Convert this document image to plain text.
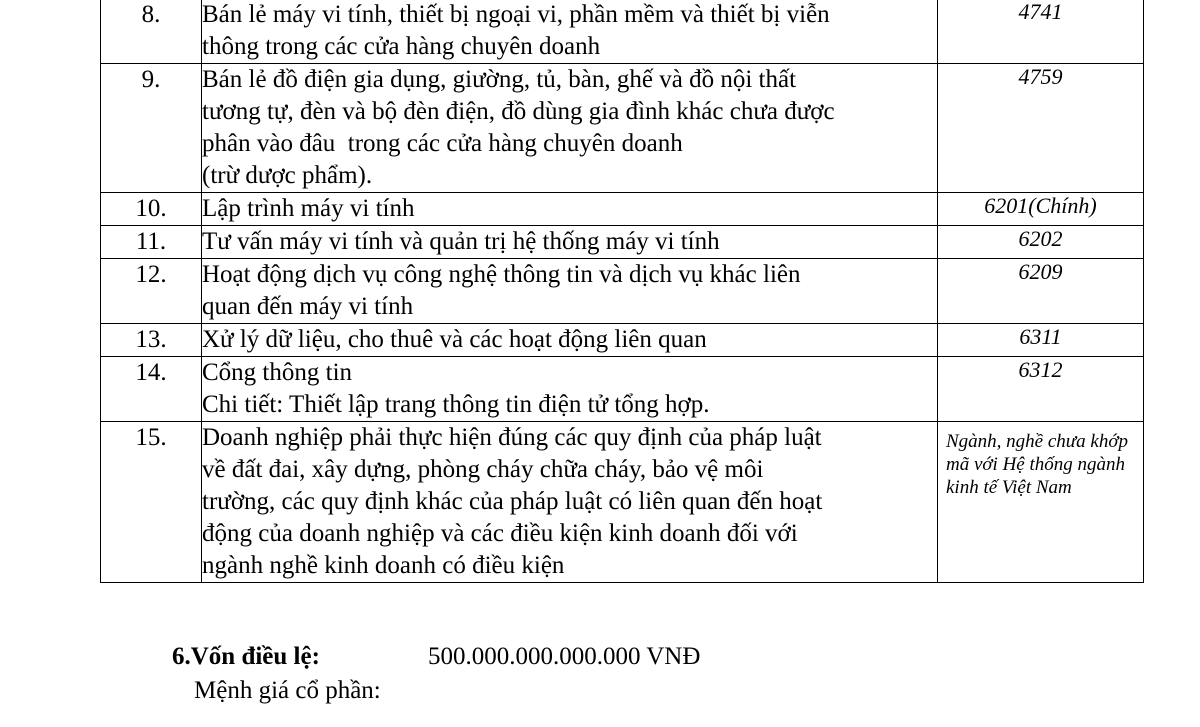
8.	Bán lẻ máy vi tính, thiết bị ngoại vi, phần mềm và thiết bị viễn
thông trong các cửa hàng chuyên doanh	4741
9.	Bán lẻ đồ điện gia dụng, giường, tủ, bàn, ghế và đồ nội thất
tương tự, đèn và bộ đèn điện, đồ dùng gia đình khác chưa được
phân vào đâu  trong các cửa hàng chuyên doanh
(trừ dược phẩm).	4759
10.	Lập trình máy vi tính	6201(Chính)
11.	Tư vấn máy vi tính và quản trị hệ thống máy vi tính	6202
12.	Hoạt động dịch vụ công nghệ thông tin và dịch vụ khác liên
quan đến máy vi tính	6209
13.	Xử lý dữ liệu, cho thuê và các hoạt động liên quan	6311
14.	Cổng thông tin
Chi tiết: Thiết lập trang thông tin điện tử tổng hợp.	6312
15.	Doanh nghiệp phải thực hiện đúng các quy định của pháp luật
về đất đai, xây dựng, phòng cháy chữa cháy, bảo vệ môi
trường, các quy định khác của pháp luật có liên quan đến hoạt
động của doanh nghiệp và các điều kiện kinh doanh đối với
ngành nghề kinh doanh có điều kiện	Ngành, nghề chưa khớp mã với Hệ thống ngành kinh tế Việt Nam
6.Vốn điều lệ:	500.000.000.000.000 VNĐ
Mệnh giá cổ phần:
